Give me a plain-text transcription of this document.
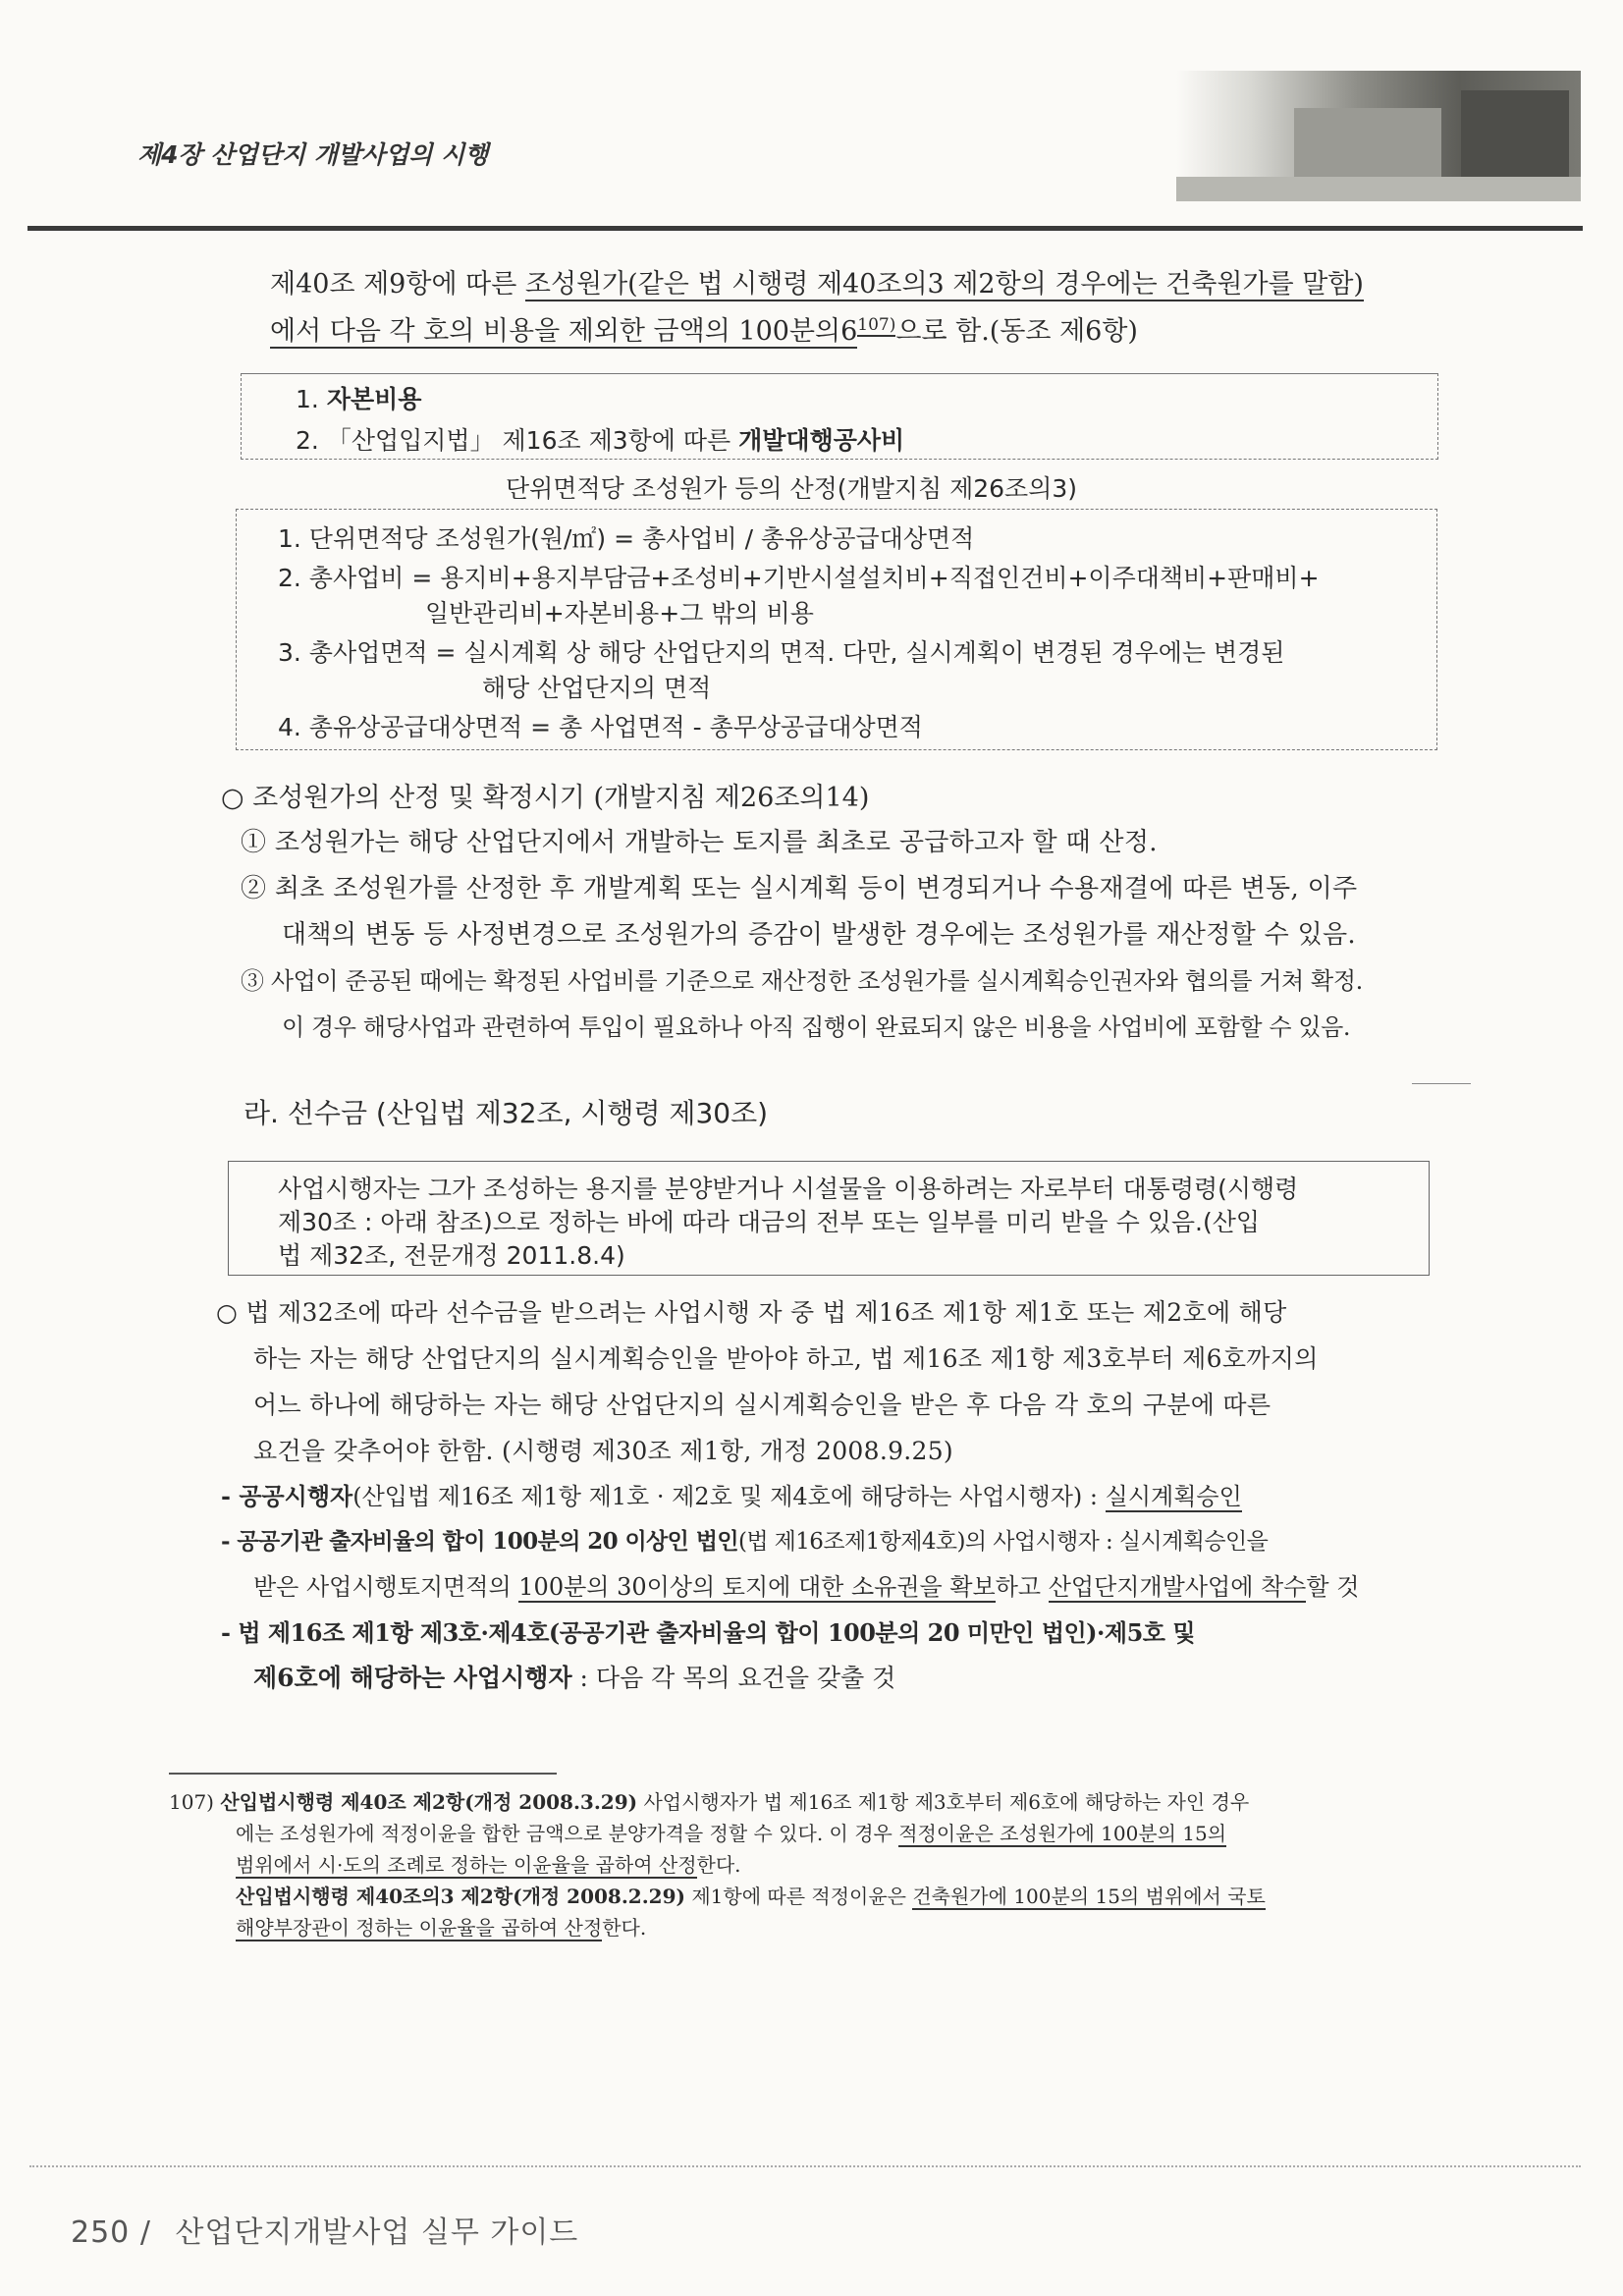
제4장 산업단지 개발사업의 시행
제40조 제9항에 따른 조성원가(같은 법 시행령 제40조의3 제2항의 경우에는 건축원가를 말함)
에서 다음 각 호의 비용을 제외한 금액의 100분의6$^{107)}$으로 함.(동조 제6항)
1. 자본비용
2. 「산업입지법」 제16조 제3항에 따른 개발대행공사비
단위면적당 조성원가 등의 산정(개발지침 제26조의3)
1. 단위면적당 조성원가(원/㎡) = 총사업비 / 총유상공급대상면적
2. 총사업비 = 용지비+용지부담금+조성비+기반시설설치비+직접인건비+이주대책비+판매비+
일반관리비+자본비용+그 밖의 비용
3. 총사업면적 = 실시계획 상 해당 산업단지의 면적. 다만, 실시계획이 변경된 경우에는 변경된
해당 산업단지의 면적
4. 총유상공급대상면적 = 총 사업면적 - 총무상공급대상면적
○ 조성원가의 산정 및 확정시기 (개발지침 제26조의14)
① 조성원가는 해당 산업단지에서 개발하는 토지를 최초로 공급하고자 할 때 산정.
② 최초 조성원가를 산정한 후 개발계획 또는 실시계획 등이 변경되거나 수용재결에 따른 변동, 이주
대책의 변동 등 사정변경으로 조성원가의 증감이 발생한 경우에는 조성원가를 재산정할 수 있음.
③ 사업이 준공된 때에는 확정된 사업비를 기준으로 재산정한 조성원가를 실시계획승인권자와 협의를 거쳐 확정.
이 경우 해당사업과 관련하여 투입이 필요하나 아직 집행이 완료되지 않은 비용을 사업비에 포함할 수 있음.
라. 선수금 (산입법 제32조, 시행령 제30조)
사업시행자는 그가 조성하는 용지를 분양받거나 시설물을 이용하려는 자로부터 대통령령(시행령
제30조 : 아래 참조)으로 정하는 바에 따라 대금의 전부 또는 일부를 미리 받을 수 있음.(산입
법 제32조, 전문개정 2011.8.4)
○ 법 제32조에 따라 선수금을 받으려는 사업시행 자 중 법 제16조 제1항 제1호 또는 제2호에 해당
하는 자는 해당 산업단지의 실시계획승인을 받아야 하고, 법 제16조 제1항 제3호부터 제6호까지의
어느 하나에 해당하는 자는 해당 산업단지의 실시계획승인을 받은 후 다음 각 호의 구분에 따른
요건을 갖추어야 한함. (시행령 제30조 제1항, 개정 2008.9.25)
- 공공시행자(산입법 제16조 제1항 제1호 · 제2호 및 제4호에 해당하는 사업시행자) : 실시계획승인
- 공공기관 출자비율의 합이 100분의 20 이상인 법인(법 제16조제1항제4호)의 사업시행자 : 실시계획승인을
받은 사업시행토지면적의 100분의 30이상의 토지에 대한 소유권을 확보하고 산업단지개발사업에 착수할 것
- 법 제16조 제1항 제3호·제4호(공공기관 출자비율의 합이 100분의 20 미만인 법인)·제5호 및
제6호에 해당하는 사업시행자 : 다음 각 목의 요건을 갖출 것
107) 산입법시행령 제40조 제2항(개정 2008.3.29) 사업시행자가 법 제16조 제1항 제3호부터 제6호에 해당하는 자인 경우
에는 조성원가에 적정이윤을 합한 금액으로 분양가격을 정할 수 있다. 이 경우 적정이윤은 조성원가에 100분의 15의
범위에서 시·도의 조례로 정하는 이윤율을 곱하여 산정한다.
산입법시행령 제40조의3 제2항(개정 2008.2.29) 제1항에 따른 적정이윤은 건축원가에 100분의 15의 범위에서 국토
해양부장관이 정하는 이윤율을 곱하여 산정한다.
250 / 산업단지개발사업 실무 가이드
